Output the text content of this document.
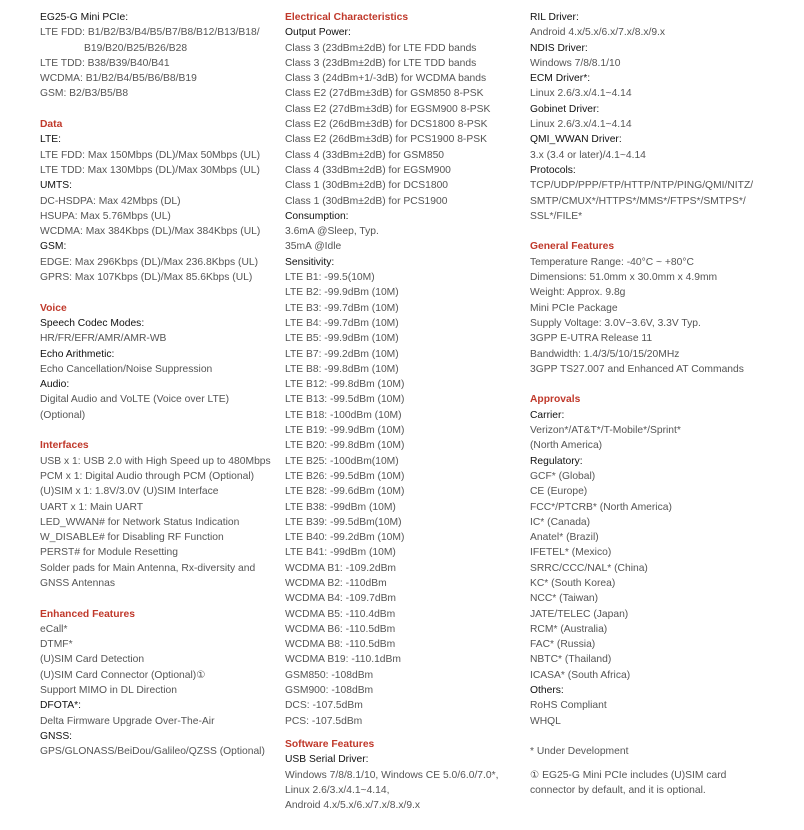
EG25-G Mini PCIe:
LTE FDD: B1/B2/B3/B4/B5/B7/B8/B12/B13/B18/
B19/B20/B25/B26/B28
LTE TDD: B38/B39/B40/B41
WCDMA: B1/B2/B4/B5/B6/B8/B19
GSM: B2/B3/B5/B8
Data
LTE:
LTE FDD: Max 150Mbps (DL)/Max 50Mbps (UL)
LTE TDD: Max 130Mbps (DL)/Max 30Mbps (UL)
UMTS:
DC-HSDPA: Max 42Mbps (DL)
HSUPA: Max 5.76Mbps (UL)
WCDMA: Max 384Kbps (DL)/Max 384Kbps (UL)
GSM:
EDGE: Max 296Kbps (DL)/Max 236.8Kbps (UL)
GPRS: Max 107Kbps (DL)/Max 85.6Kbps (UL)
Voice
Speech Codec Modes:
HR/FR/EFR/AMR/AMR-WB
Echo Arithmetic:
Echo Cancellation/Noise Suppression
Audio:
Digital Audio and VoLTE (Voice over LTE)
(Optional)
Interfaces
USB x 1: USB 2.0 with High Speed up to 480Mbps
PCM x 1: Digital Audio through PCM (Optional)
(U)SIM x 1: 1.8V/3.0V (U)SIM Interface
UART x 1: Main UART
LED_WWAN# for Network Status Indication
W_DISABLE# for Disabling RF Function
PERST# for Module Resetting
Solder pads for Main Antenna, Rx-diversity and
GNSS Antennas
Enhanced Features
eCall*
DTMF*
(U)SIM Card Detection
(U)SIM Card Connector (Optional)①
Support MIMO in DL Direction
DFOTA*:
Delta Firmware Upgrade Over-The-Air
GNSS:
GPS/GLONASS/BeiDou/Galileo/QZSS (Optional)
Electrical Characteristics
Output Power:
Class 3 (23dBm±2dB) for LTE FDD bands
Class 3 (23dBm±2dB) for LTE TDD bands
Class 3 (24dBm+1/-3dB) for WCDMA bands
Class E2 (27dBm±3dB) for GSM850 8-PSK
Class E2 (27dBm±3dB) for EGSM900 8-PSK
Class E2 (26dBm±3dB) for DCS1800 8-PSK
Class E2 (26dBm±3dB) for PCS1900 8-PSK
Class 4 (33dBm±2dB) for GSM850
Class 4 (33dBm±2dB) for EGSM900
Class 1 (30dBm±2dB) for DCS1800
Class 1 (30dBm±2dB) for PCS1900
Consumption:
3.6mA @Sleep, Typ.
35mA @Idle
Sensitivity:
LTE B1: -99.5(10M)
LTE B2: -99.9dBm (10M)
LTE B3: -99.7dBm (10M)
LTE B4: -99.7dBm (10M)
LTE B5: -99.9dBm (10M)
LTE B7: -99.2dBm (10M)
LTE B8: -99.8dBm (10M)
LTE B12: -99.8dBm (10M)
LTE B13: -99.5dBm (10M)
LTE B18: -100dBm (10M)
LTE B19: -99.9dBm (10M)
LTE B20: -99.8dBm (10M)
LTE B25: -100dBm(10M)
LTE B26: -99.5dBm (10M)
LTE B28: -99.6dBm (10M)
LTE B38: -99dBm (10M)
LTE B39: -99.5dBm(10M)
LTE B40: -99.2dBm (10M)
LTE B41: -99dBm (10M)
WCDMA B1: -109.2dBm
WCDMA B2: -110dBm
WCDMA B4: -109.7dBm
WCDMA B5: -110.4dBm
WCDMA B6: -110.5dBm
WCDMA B8: -110.5dBm
WCDMA B19: -110.1dBm
GSM850: -108dBm
GSM900: -108dBm
DCS: -107.5dBm
PCS: -107.5dBm
Software Features
USB Serial Driver:
Windows 7/8/8.1/10, Windows CE 5.0/6.0/7.0*,
Linux 2.6/3.x/4.1~4.14,
Android 4.x/5.x/6.x/7.x/8.x/9.x
RIL Driver:
Android 4.x/5.x/6.x/7.x/8.x/9.x
NDIS Driver:
Windows 7/8/8.1/10
ECM Driver*:
Linux 2.6/3.x/4.1~4.14
Gobinet Driver:
Linux 2.6/3.x/4.1~4.14
QMI_WWAN Driver:
3.x (3.4 or later)/4.1~4.14
Protocols:
TCP/UDP/PPP/FTP/HTTP/NTP/PING/QMI/NITZ/
SMTP/CMUX*/HTTPS*/MMS*/FTPS*/SMTPS*/
SSL*/FILE*
General Features
Temperature Range: -40°C ~ +80°C
Dimensions: 51.0mm x 30.0mm x 4.9mm
Weight: Approx. 9.8g
Mini PCIe Package
Supply Voltage: 3.0V~3.6V, 3.3V Typ.
3GPP E-UTRA Release 11
Bandwidth: 1.4/3/5/10/15/20MHz
3GPP TS27.007 and Enhanced AT Commands
Approvals
Carrier:
Verizon*/AT&T*/T-Mobile*/Sprint*
(North America)
Regulatory:
GCF* (Global)
CE (Europe)
FCC*/PTCRB* (North America)
IC* (Canada)
Anatel* (Brazil)
IFETEL* (Mexico)
SRRC/CCC/NAL* (China)
KC* (South Korea)
NCC* (Taiwan)
JATE/TELEC (Japan)
RCM* (Australia)
FAC* (Russia)
NBTC* (Thailand)
ICASA* (South Africa)
Others:
RoHS Compliant
WHQL
* Under Development
① EG25-G Mini PCIe includes (U)SIM card
connector by default, and it is optional.
